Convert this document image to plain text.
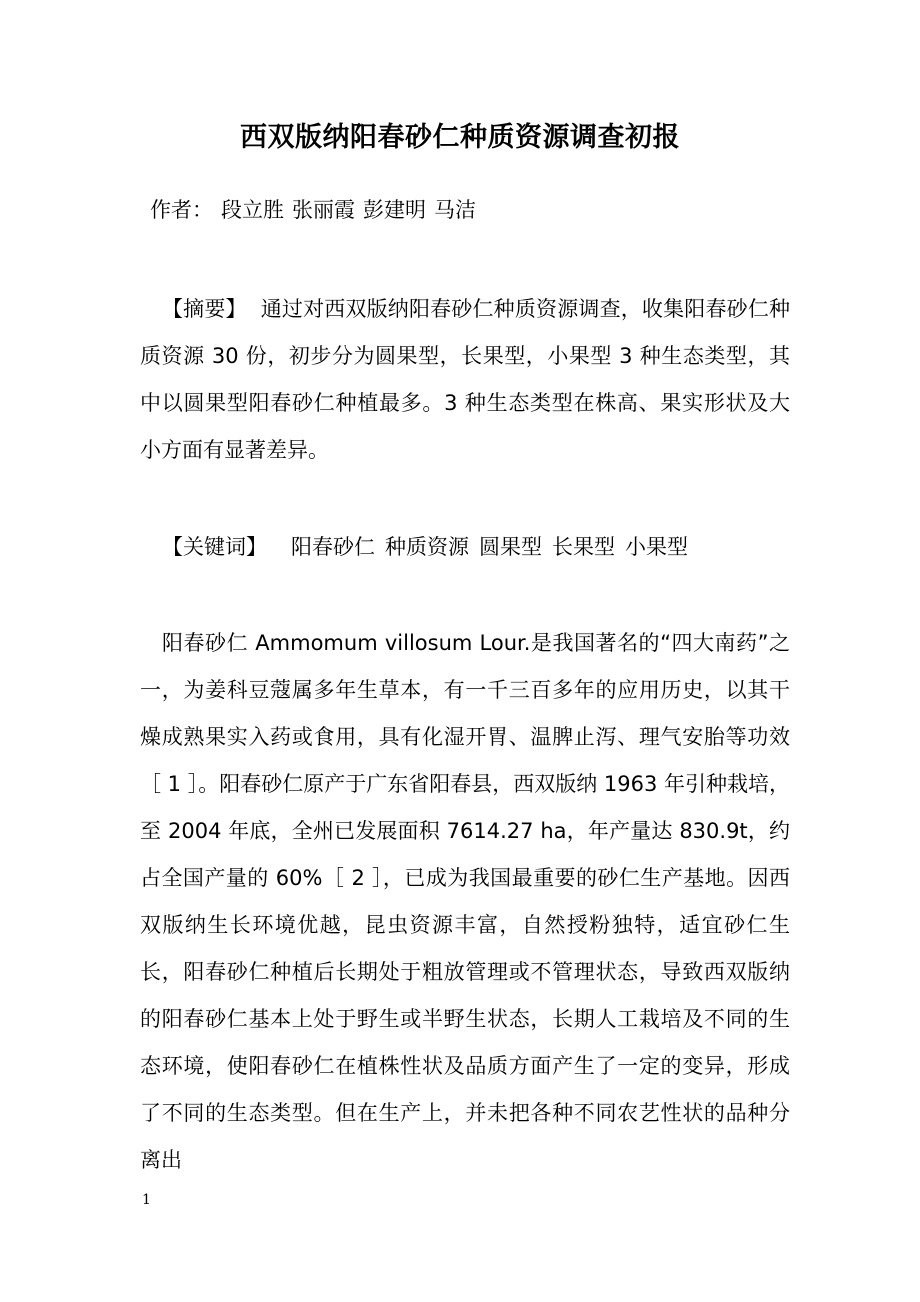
西双版纳阳春砂仁种质资源调查初报
作者： 段立胜 张丽霞 彭建明 马洁

【摘要】 通过对西双版纳阳春砂仁种质资源调查，收集阳春砂仁种质资源 30 份，初步分为圆果型，长果型，小果型 3 种生态类型，其中以圆果型阳春砂仁种植最多。3 种生态类型在株高、果实形状及大小方面有显著差异。

【关键词】 阳春砂仁 种质资源 圆果型 长果型 小果型

阳春砂仁 Ammomum villosum Lour.是我国著名的“四大南药”之一，为姜科豆蔻属多年生草本，有一千三百多年的应用历史，以其干燥成熟果实入药或食用，具有化湿开胃、温脾止泻、理气安胎等功效［ 1 ］。阳春砂仁原产于广东省阳春县，西双版纳 1963 年引种栽培，至 2004 年底，全州已发展面积 7614.27 ha，年产量达 830.9t，约占全国产量的 60%［ 2 ］，已成为我国最重要的砂仁生产基地。因西双版纳生长环境优越，昆虫资源丰富，自然授粉独特，适宜砂仁生长，阳春砂仁种植后长期处于粗放管理或不管理状态，导致西双版纳的阳春砂仁基本上处于野生或半野生状态，长期人工栽培及不同的生态环境，使阳春砂仁在植株性状及品质方面产生了一定的变异，形成了不同的生态类型。但在生产上，并未把各种不同农艺性状的品种分离出

1
